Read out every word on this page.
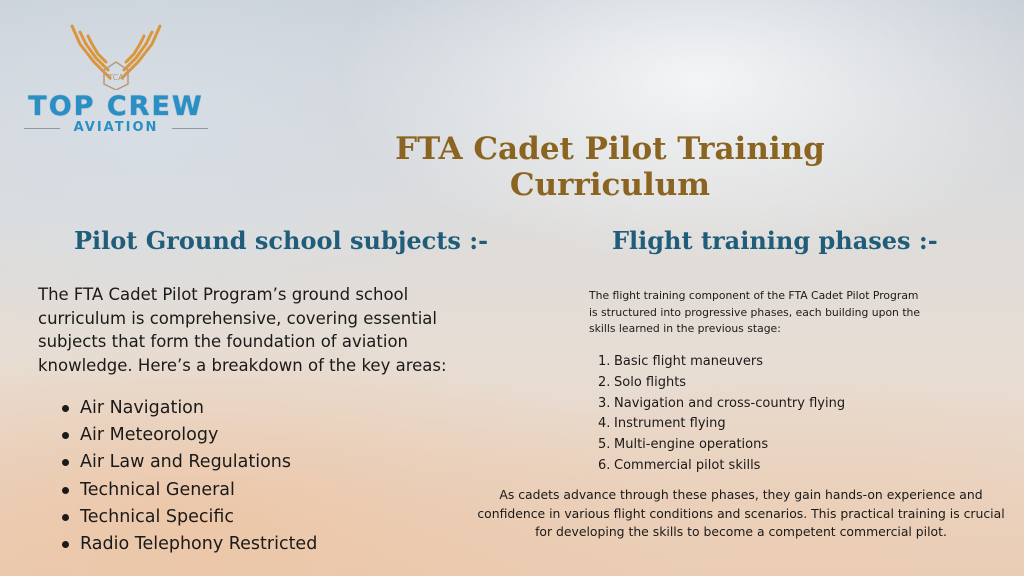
TCA
TOP CREW
AVIATION
FTA Cadet Pilot Training Curriculum
Pilot Ground school subjects :-

The FTA Cadet Pilot Program’s ground school curriculum is comprehensive, covering essential subjects that form the foundation of aviation knowledge. Here’s a breakdown of the key areas:

Air Navigation
Air Meteorology
Air Law and Regulations
Technical General
Technical Specific
Radio Telephony Restricted
Flight training phases :-

The flight training component of the FTA Cadet Pilot Program is structured into progressive phases, each building upon the skills learned in the previous stage:

1. Basic flight maneuvers
2. Solo flights
3. Navigation and cross-country flying
4. Instrument flying
5. Multi-engine operations
6. Commercial pilot skills

As cadets advance through these phases, they gain hands-on experience and confidence in various flight conditions and scenarios. This practical training is crucial for developing the skills to become a competent commercial pilot.
